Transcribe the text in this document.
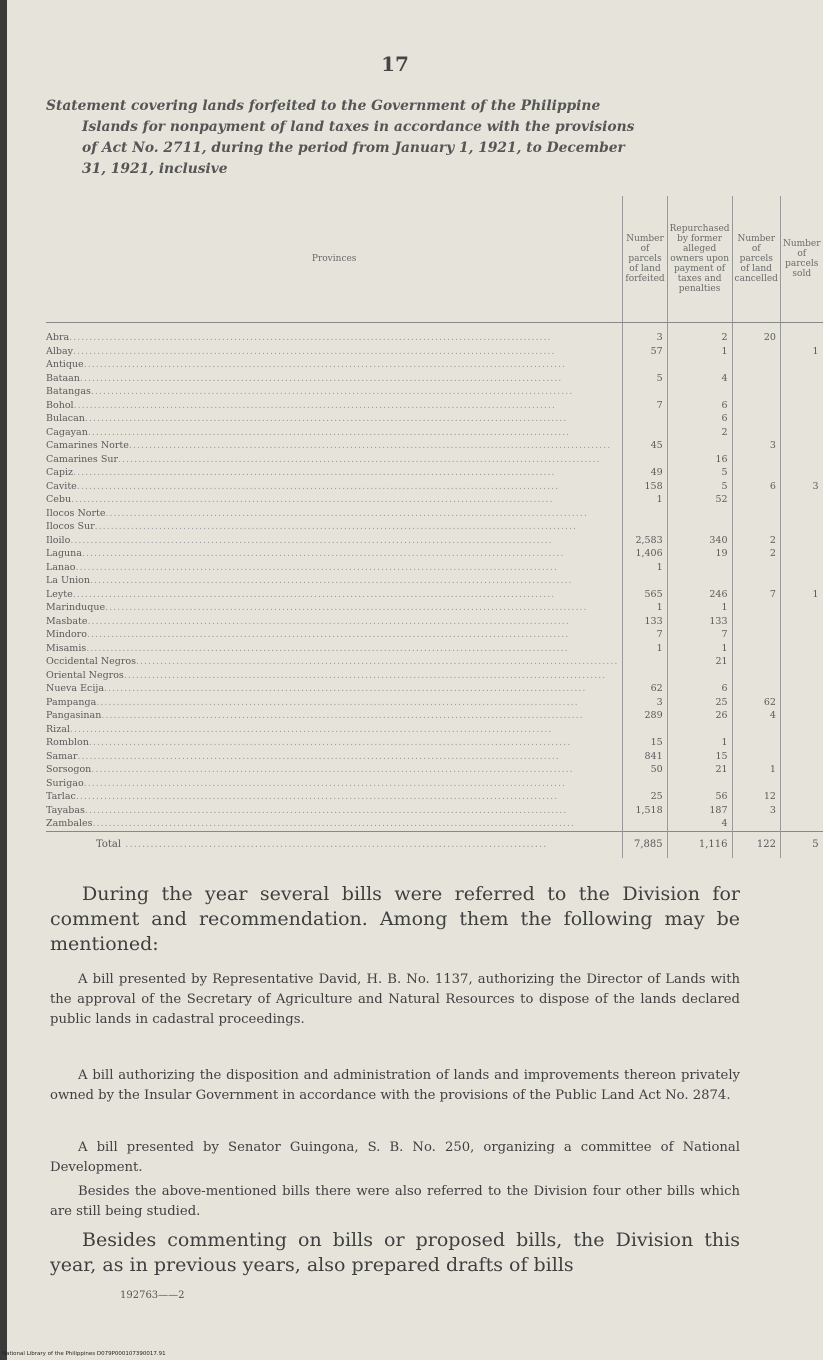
17
Statement covering lands forfeited to the Government of the Philippine
Islands for nonpayment of land taxes in accordance with the provisions
of Act No. 2711, during the period from January 1, 1921, to December
31, 1921, inclusive
Provinces	Number of parcels of land forfeited	Repurchased by former alleged owners upon payment of taxes and penalties	Number of parcels of land cancelled	Number of parcels sold
Abra........................................................................................................................	3	2	20	
Albay........................................................................................................................	57	1		1
Antique........................................................................................................................				
Bataan........................................................................................................................	5	4		
Batangas........................................................................................................................				
Bohol........................................................................................................................	7	6		
Bulacan........................................................................................................................		6		
Cagayan........................................................................................................................		2		
Camarines Norte........................................................................................................................	45		3	
Camarines Sur........................................................................................................................		16		
Capiz........................................................................................................................	49	5		
Cavite........................................................................................................................	158	5	6	3
Cebu........................................................................................................................	1	52		
Ilocos Norte........................................................................................................................				
Ilocos Sur........................................................................................................................				
Iloilo........................................................................................................................	2,583	340	2	
Laguna........................................................................................................................	1,406	19	2	
Lanao........................................................................................................................	1			
La Union........................................................................................................................				
Leyte........................................................................................................................	565	246	7	1
Marinduque........................................................................................................................	1	1		
Masbate........................................................................................................................	133	133		
Mindoro........................................................................................................................	7	7		
Misamis........................................................................................................................	1	1		
Occidental Negros........................................................................................................................		21		
Oriental Negros........................................................................................................................				
Nueva Ecija........................................................................................................................	62	6		
Pampanga........................................................................................................................	3	25	62	
Pangasinan........................................................................................................................	289	26	4	
Rizal........................................................................................................................				
Romblon........................................................................................................................	15	1		
Samar........................................................................................................................	841	15		
Sorsogon........................................................................................................................	50	21	1	
Surigao........................................................................................................................				
Tarlac........................................................................................................................	25	56	12	
Tayabas........................................................................................................................	1,518	187	3	
Zambales........................................................................................................................		4		
Total .....................................................................................................	7,885	1,116	122	5
During the year several bills were referred to the Division for comment and recommendation. Among them the following may be mentioned:
A bill presented by Representative David, H. B. No. 1137, authorizing the Director of Lands with the approval of the Secretary of Agriculture and Natural Resources to dispose of the lands declared public lands in cadastral proceedings.
A bill authorizing the disposition and administration of lands and improvements thereon privately owned by the Insular Government in accordance with the provisions of the Public Land Act No. 2874.
A bill presented by Senator Guingona, S. B. No. 250, organizing a committee of National Development.
Besides the above-mentioned bills there were also referred to the Division four other bills which are still being studied.
Besides commenting on bills or proposed bills, the Division this year, as in previous years, also prepared drafts of bills
192763——2
National Library of the Philippines D079P000107390017.91
